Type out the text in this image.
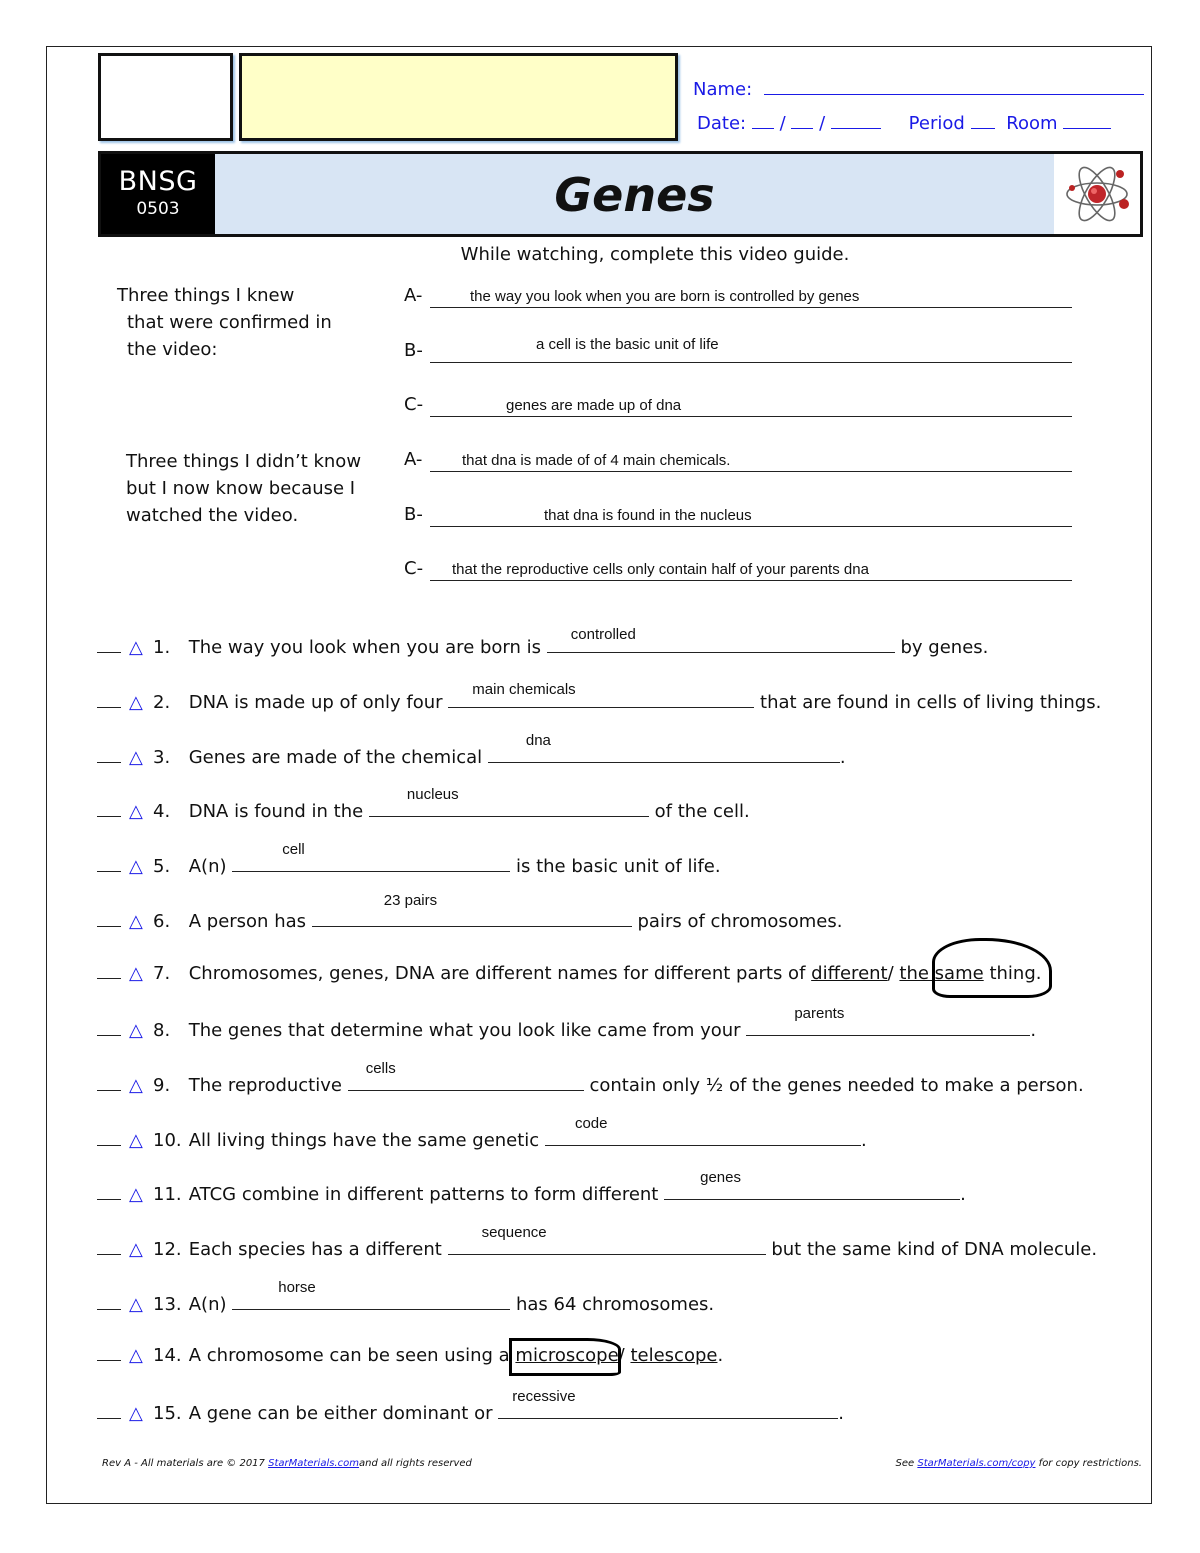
Name:
Date: / /	Period Room
BNSG
0503	Genes
While watching, complete this video guide.
Three things I knew
that were confirmed in
the video:
A-	the way you look when you are born is controlled by genes
B-	a cell is the basic unit of life
C-	genes are made up of dna
Three things I didn’t know
but I now know because I
watched the video.
A-	that dna is made of of 4 main chemicals.
B-	that dna is found in the nucleus
C- that the reproductive cells only contain half of your parents dna
△ 1. The way you look when you are born is
controlled
by genes.
△ 2. DNA is made up of only four
main chemicals
that are found in cells of living things.
△ 3. Genes are made of the chemical
dna
.
△ 4. DNA is found in the
nucleus
of the cell.
△ 5. A(n)
cell
is the basic unit of life.
△ 6. A person has
23 pairs
pairs of chromosomes.
△ 7. Chromosomes, genes, DNA are different names for different parts of different/ the same thing.
△ 8. The genes that determine what you look like came from your
parents
.
△ 9. The reproductive
cells
contain only ½ of the genes needed to make a person.
△ 10. All living things have the same genetic
code
.
△ 11. ATCG combine in different patterns to form different
genes
.
△ 12. Each species has a different
sequence
but the same kind of DNA molecule.
△ 13. A(n)
horse
has 64 chromosomes.
△ 14. A chromosome can be seen using a microscope/ telescope.
△ 15. A gene can be either dominant or
recessive
.
Rev A - All materials are © 2017 StarMaterials.comand all rights reserved	See StarMaterials.com/copy for copy restrictions.
